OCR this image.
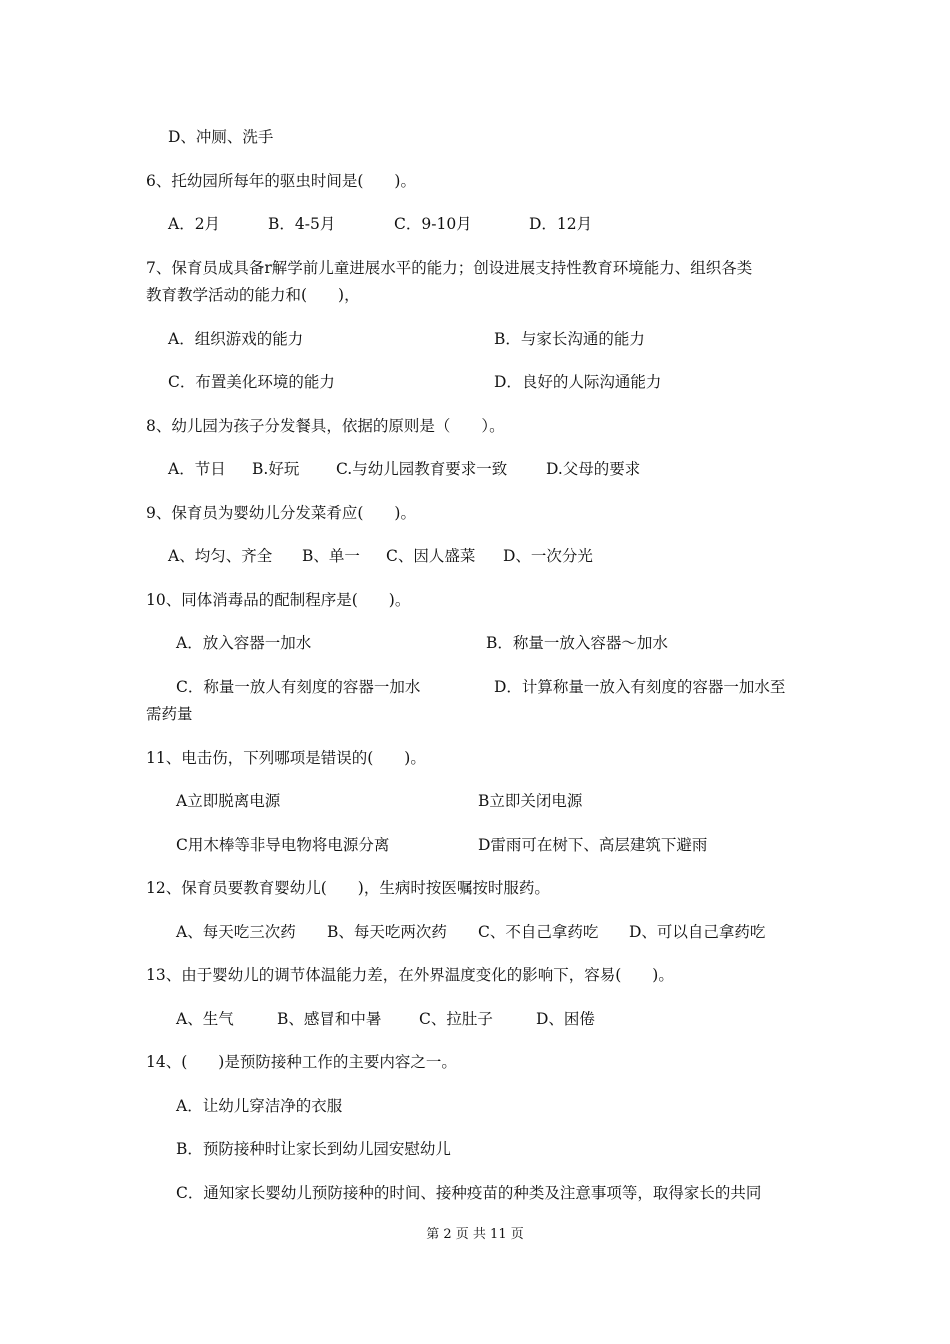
D、冲厕、洗手
6、托幼园所每年的驱虫时间是(　　)。
A．2月	B．4-5月	C．9-10月	D．12月
7、保育员成具备r解学前儿童进展水平的能力；创设进展支持性教育环境能力、组织各类
教育教学活动的能力和(　　)，
A．组织游戏的能力	B．与家长沟通的能力
C．布置美化环境的能力	D．良好的人际沟通能力
8、幼儿园为孩子分发餐具，依据的原则是（　　）。
A．节日 B.好玩 C.与幼儿园教育要求一致	D.父母的要求
9、保育员为婴幼儿分发菜肴应(　　)。
A、均匀、齐全 B、单一 C、因人盛菜 D、一次分光
10、同体消毒品的配制程序是(　　)。
A．放入容器一加水	B．称量一放入容器～加水
C．称量一放人有刻度的容器一加水	D．计算称量一放入有刻度的容器一加水至
需药量
11、电击伤，下列哪项是错误的(　　)。
A立即脱离电源	B立即关闭电源
C用木棒等非导电物将电源分离	D雷雨可在树下、高层建筑下避雨
12、保育员要教育婴幼儿(　　)，生病时按医嘱按时服药。
A、每天吃三次药 B、每天吃两次药 C、不自己拿药吃 D、可以自己拿药吃
13、由于婴幼儿的调节体温能力差，在外界温度变化的影响下，容易(　　)。
A、生气	B、感冒和中暑 C、拉肚子	D、困倦
14、(　　)是预防接种工作的主要内容之一。
A．让幼儿穿洁净的衣服
B．预防接种时让家长到幼儿园安慰幼儿
C．通知家长婴幼儿预防接种的时间、接种疫苗的种类及注意事项等，取得家长的共同
第 2 页 共 11 页
